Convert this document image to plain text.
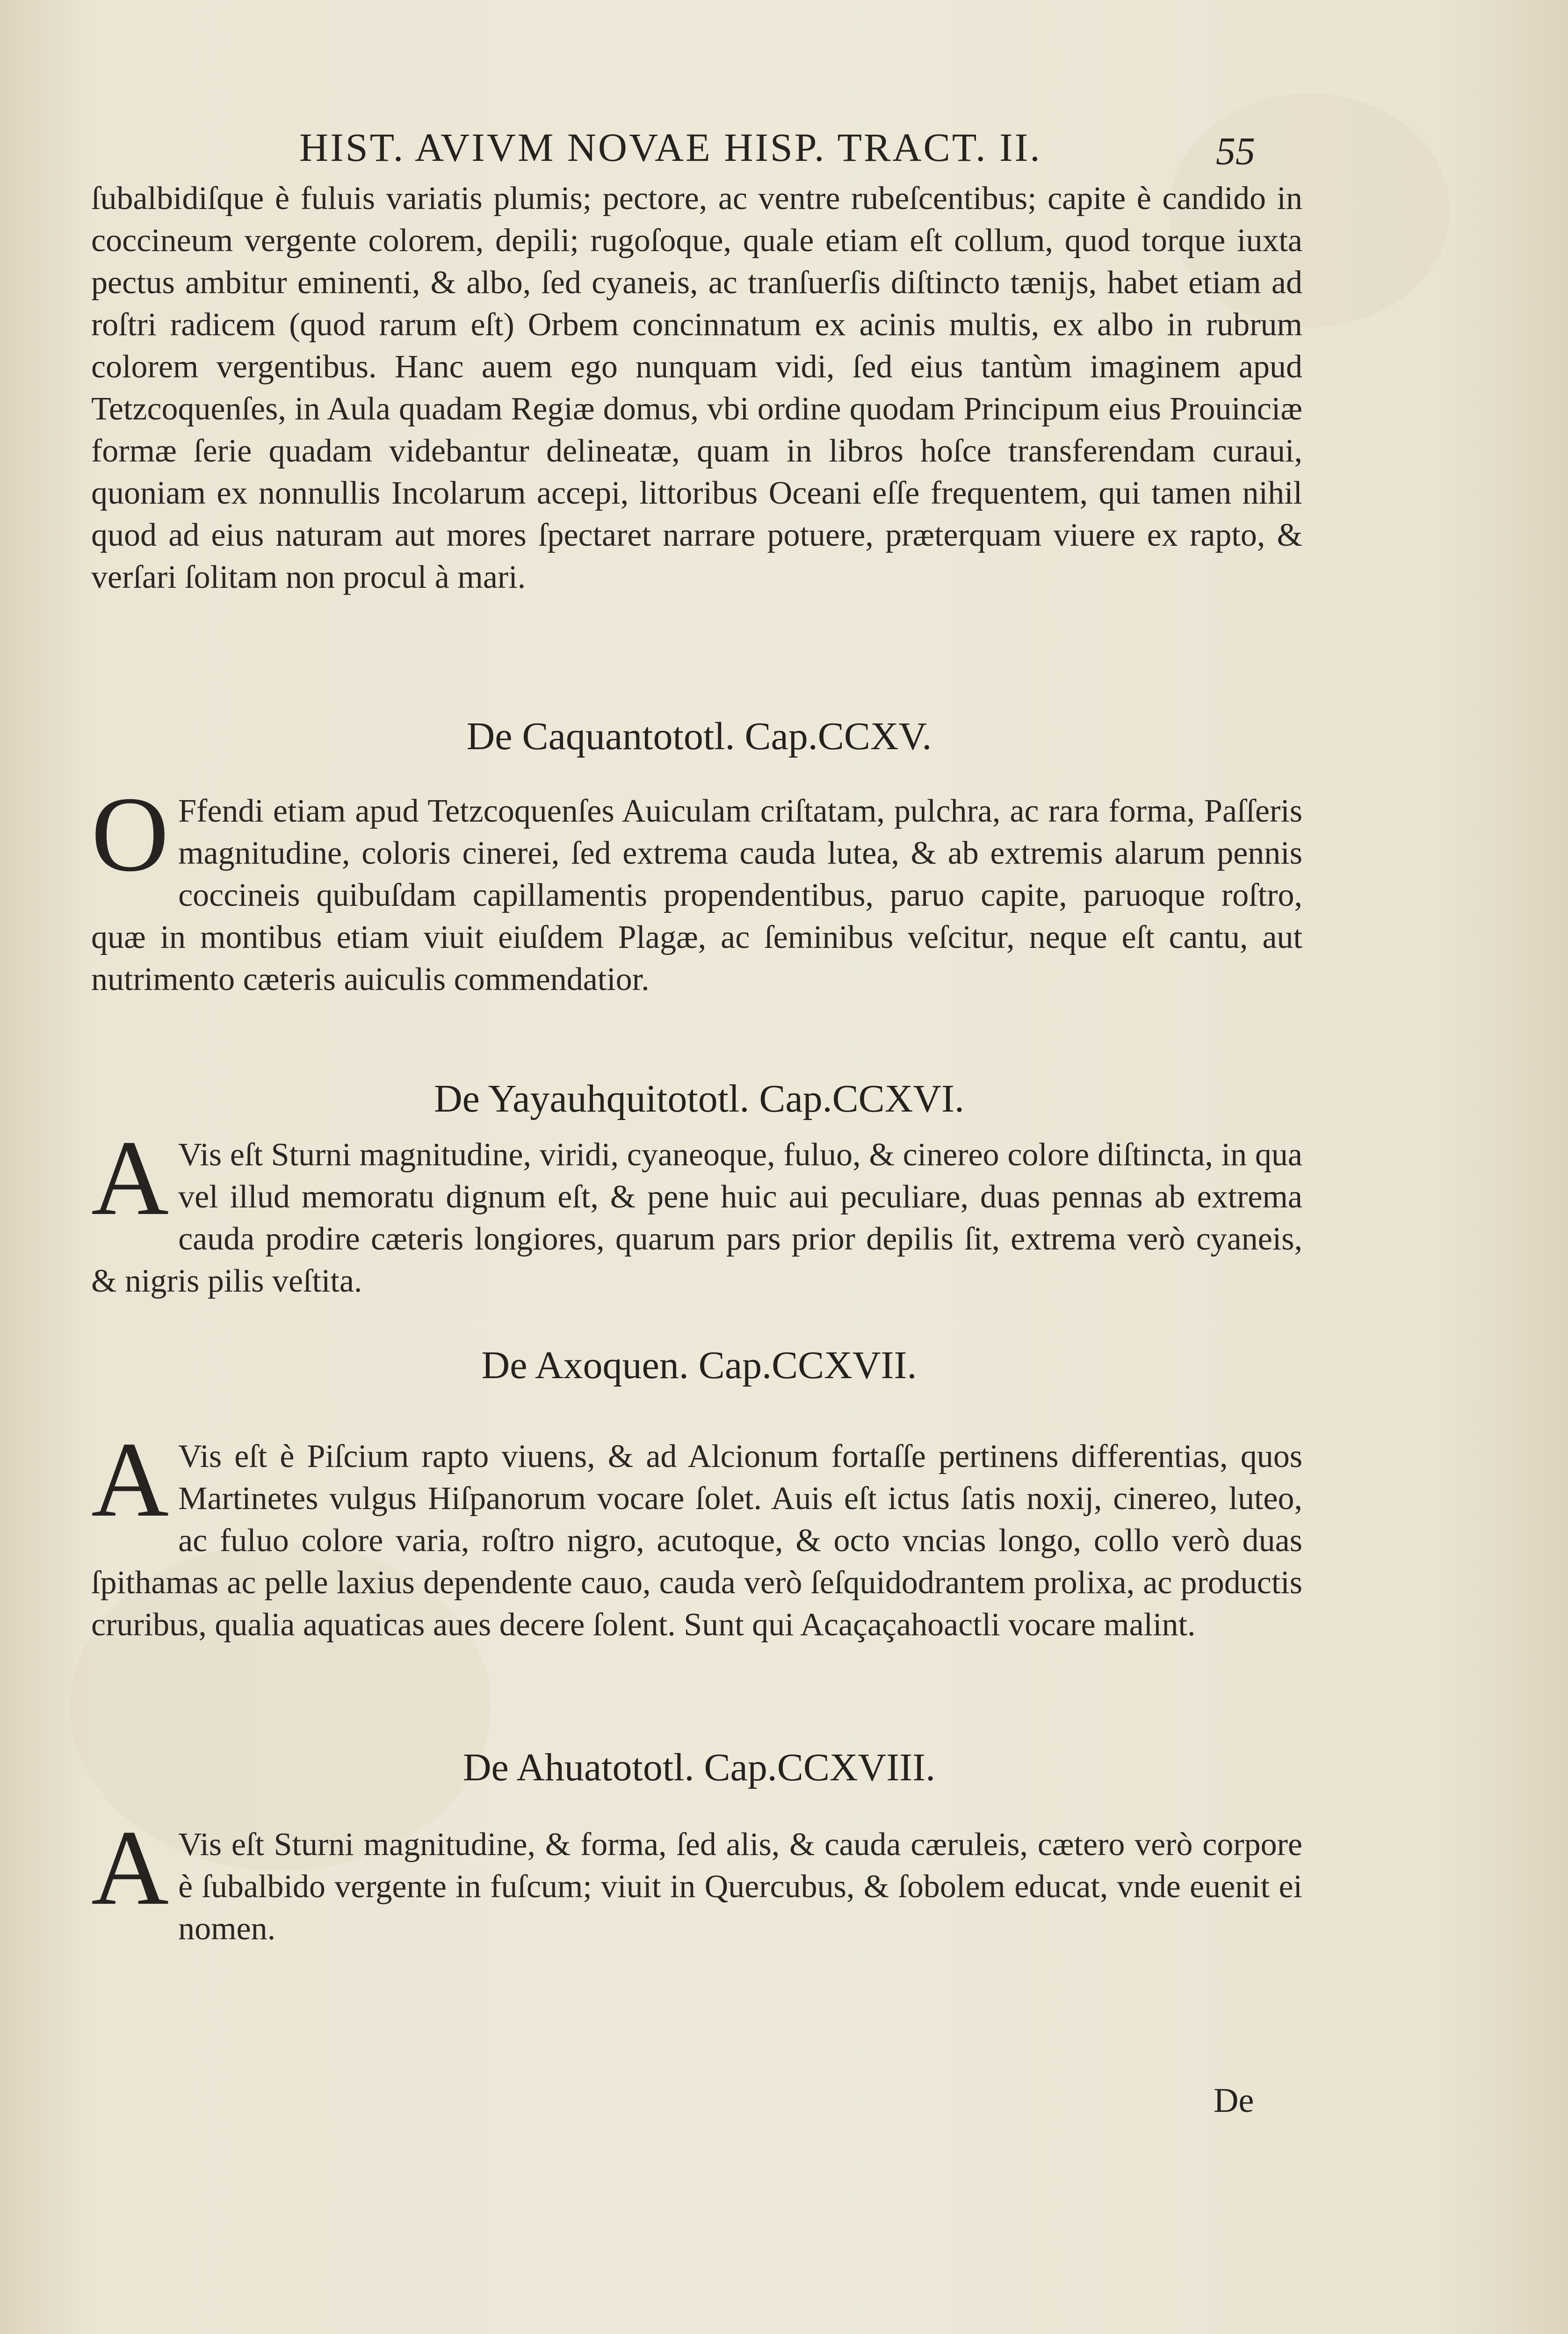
HIST. AVIVM NOVAE HISP. TRACT. II.	55
ſubalbidiſque è fuluis variatis plumis; pectore, ac ventre rubeſcentibus; capite è candido in coccineum vergente colorem, depili; rugoſoque, quale etiam eſt collum, quod torque iuxta pectus ambitur eminenti, & albo, ſed cyaneis, ac tranſuerſis diſtincto tænijs, habet etiam ad roſtri radicem (quod rarum eſt) Orbem concinnatum ex acinis multis, ex albo in rubrum colorem vergentibus. Hanc auem ego nunquam vidi, ſed eius tantùm imaginem apud Tetzcoquenſes, in Aula quadam Regiæ domus, vbi ordine quodam Principum eius Prouinciæ formæ ſerie quadam videbantur delineatæ, quam in libros hoſce transferendam curaui, quoniam ex nonnullis Incolarum accepi, littoribus Oceani eſſe frequentem, qui tamen nihil quod ad eius naturam aut mores ſpectaret narrare potuere, præterquam viuere ex rapto, & verſari ſolitam non procul à mari.
De Caquantototl. Cap.CCXV.
O Ffendi etiam apud Tetzcoquenſes Auiculam criſtatam, pulchra, ac rara forma, Paſſeris magnitudine, coloris cinerei, ſed extrema cauda lutea, & ab extremis alarum pennis coccineis quibuſdam capillamentis propendentibus, paruo capite, paruoque roſtro, quæ in montibus etiam viuit eiuſdem Plagæ, ac ſeminibus veſcitur, neque eſt cantu, aut nutrimento cæteris auiculis commendatior.
De Yayauhquitototl. Cap.CCXVI.
A Vis eſt Sturni magnitudine, viridi, cyaneoque, fuluo, & cinereo colore diſtincta, in qua vel illud memoratu dignum eſt, & pene huic aui peculiare, duas pennas ab extrema cauda prodire cæteris longiores, quarum pars prior depilis ſit, extrema verò cyaneis, & nigris pilis veſtita.
De Axoquen. Cap.CCXVII.
A Vis eſt è Piſcium rapto viuens, & ad Alcionum fortaſſe pertinens differentias, quos Martinetes vulgus Hiſpanorum vocare ſolet. Auis eſt ictus ſatis noxij, cinereo, luteo, ac fuluo colore varia, roſtro nigro, acutoque, & octo vncias longo, collo verò duas ſpithamas ac pelle laxius dependente cauo, cauda verò ſeſquidodrantem prolixa, ac productis cruribus, qualia aquaticas aues decere ſolent. Sunt qui Acaçaçahoactli vocare malint.
De Ahuatototl. Cap.CCXVIII.
A Vis eſt Sturni magnitudine, & forma, ſed alis, & cauda cæruleis, cætero verò corpore è ſubalbido vergente in fuſcum; viuit in Quercubus, & ſobolem educat, vnde euenit ei nomen.
De
